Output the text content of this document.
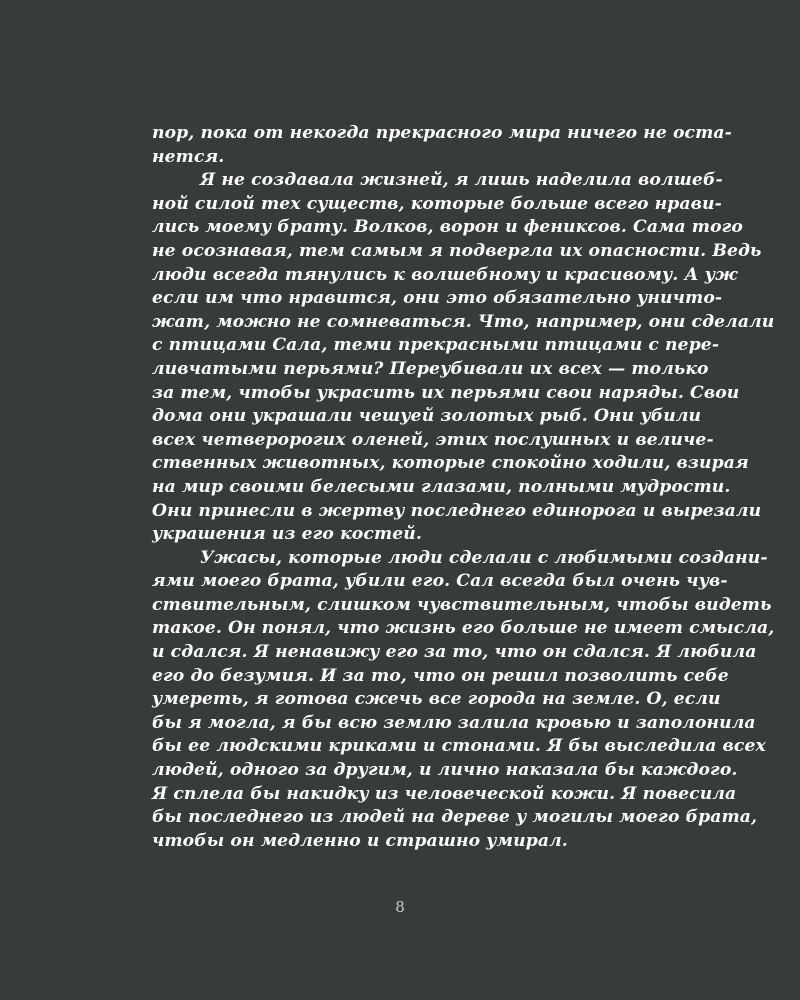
пор, пока от некогда прекрасного мира ничего не оста-
нется.
Я не создавала жизней, я лишь наделила волшеб-
ной силой тех существ, которые больше всего нрави-
лись моему брату. Волков, ворон и фениксов. Сама того
не осознавая, тем самым я подвергла их опасности. Ведь
люди всегда тянулись к волшебному и красивому. А уж
если им что нравится, они это обязательно уничто-
жат, можно не сомневаться. Что, например, они сделали
с птицами Сала, теми прекрасными птицами с пере-
ливчатыми перьями? Переубивали их всех — только
за тем, чтобы украсить их перьями свои наряды. Свои
дома они украшали чешуей золотых рыб. Они убили
всех четверорогих оленей, этих послушных и величе-
ственных животных, которые спокойно ходили, взирая
на мир своими белесыми глазами, полными мудрости.
Они принесли в жертву последнего единорога и вырезали
украшения из его костей.
Ужасы, которые люди сделали с любимыми создани-
ями моего брата, убили его. Сал всегда был очень чув-
ствительным, слишком чувствительным, чтобы видеть
такое. Он понял, что жизнь его больше не имеет смысла,
и сдался. Я ненавижу его за то, что он сдался. Я любила
его до безумия. И за то, что он решил позволить себе
умереть, я готова сжечь все города на земле. О, если
бы я могла, я бы всю землю залила кровью и заполонила
бы ее людскими криками и стонами. Я бы выследила всех
людей, одного за другим, и лично наказала бы каждого.
Я сплела бы накидку из человеческой кожи. Я повесила
бы последнего из людей на дереве у могилы моего брата,
чтобы он медленно и страшно умирал.
8
